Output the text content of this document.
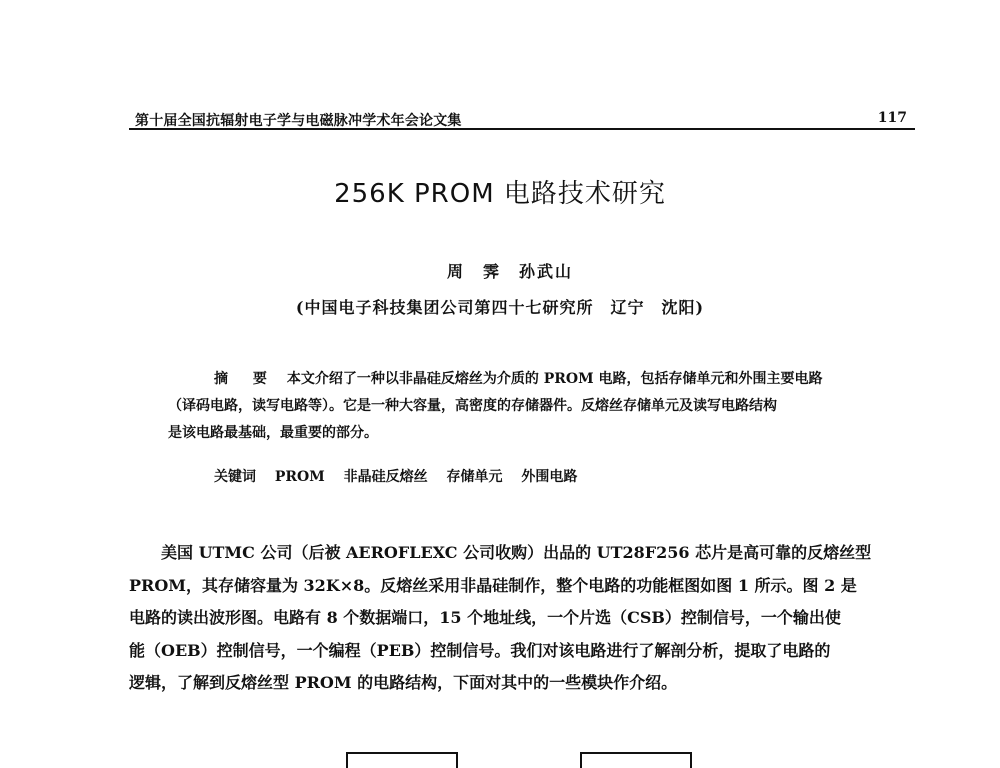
第十届全国抗辐射电子学与电磁脉冲学术年会论文集	117
256K PROM 电路技术研究
周　霁　孙武山
(中国电子科技集团公司第四十七研究所　辽宁　沈阳)
摘 要 本文介绍了一种以非晶硅反熔丝为介质的 PROM 电路，包括存储单元和外围主要电路
（译码电路，读写电路等）。它是一种大容量，高密度的存储器件。反熔丝存储单元及读写电路结构
是该电路最基础，最重要的部分。
关键词 PROM 非晶硅反熔丝 存储单元 外围电路
美国 UTMC 公司（后被 AEROFLEXC 公司收购）出品的 UT28F256 芯片是高可靠的反熔丝型
PROM，其存储容量为 32K×8。反熔丝采用非晶硅制作，整个电路的功能框图如图 1 所示。图 2 是
电路的读出波形图。电路有 8 个数据端口，15 个地址线，一个片选（CSB）控制信号，一个输出使
能（OEB）控制信号，一个编程（PEB）控制信号。我们对该电路进行了解剖分析，提取了电路的
逻辑，了解到反熔丝型 PROM 的电路结构，下面对其中的一些模块作介绍。
